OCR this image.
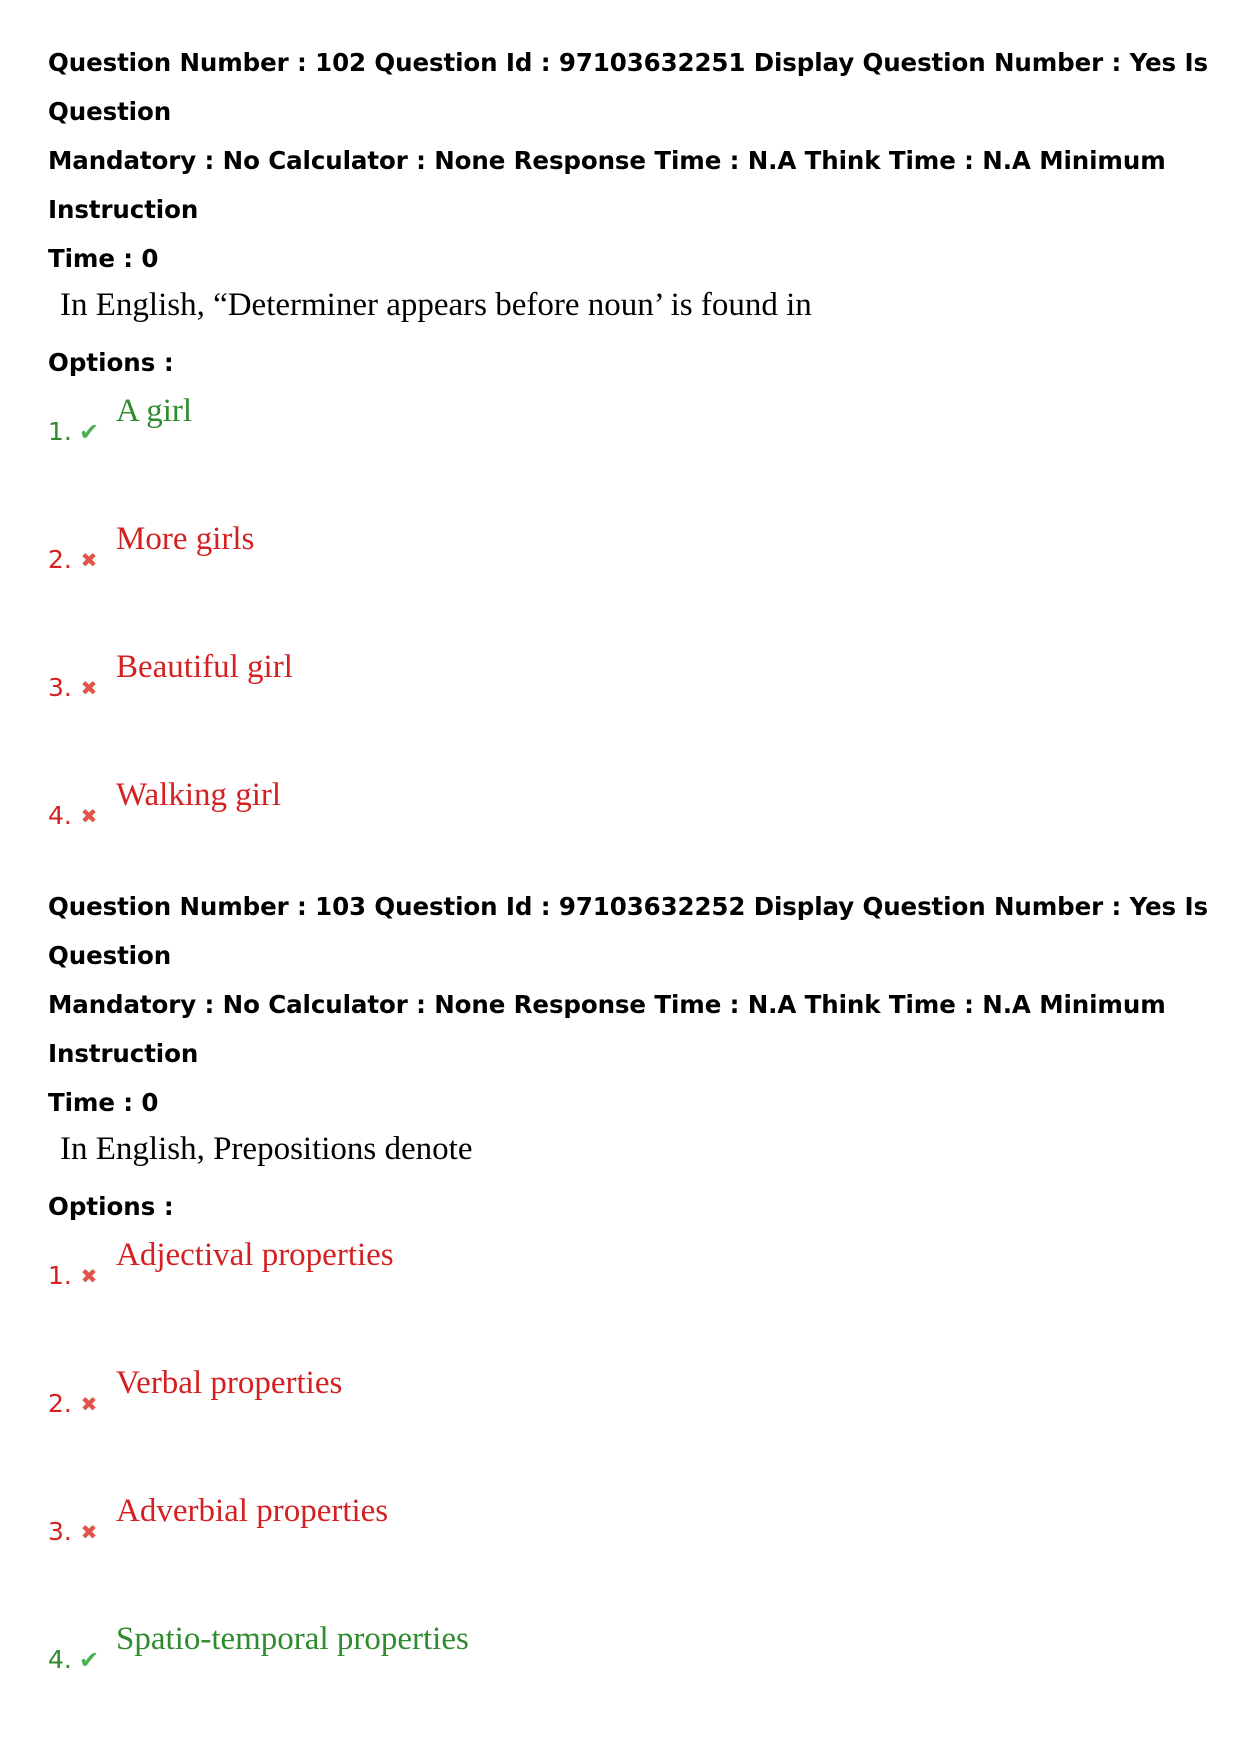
Question Number : 102 Question Id : 97103632251 Display Question Number : Yes Is Question

Mandatory : No Calculator : None Response Time : N.A Think Time : N.A Minimum Instruction

Time : 0

In English, “Determiner appears before noun’ is found in

Options :

1. ✔
A girl
2. ✖
More girls
3. ✖
Beautiful girl
4. ✖
Walking girl

Question Number : 103 Question Id : 97103632252 Display Question Number : Yes Is Question

Mandatory : No Calculator : None Response Time : N.A Think Time : N.A Minimum Instruction

Time : 0

In English, Prepositions denote

Options :

1. ✖
Adjectival properties
2. ✖
Verbal properties
3. ✖
Adverbial properties
4. ✔
Spatio-temporal properties
